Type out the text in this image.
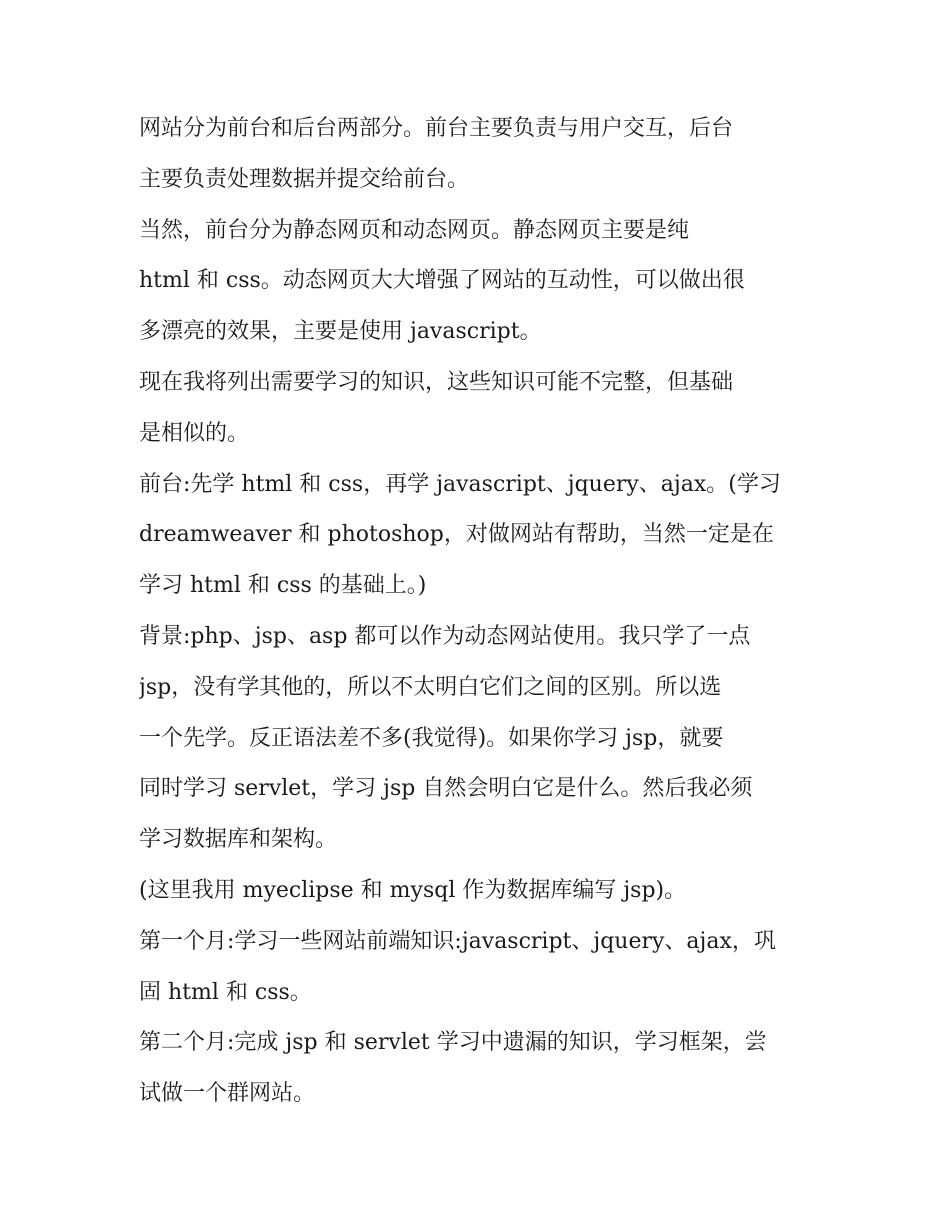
网站分为前台和后台两部分。前台主要负责与用户交互，后台
主要负责处理数据并提交给前台。
当然，前台分为静态网页和动态网页。静态网页主要是纯
html 和 css。动态网页大大增强了网站的互动性，可以做出很
多漂亮的效果，主要是使用 javascript。
现在我将列出需要学习的知识，这些知识可能不完整，但基础
是相似的。
前台:先学 html 和 css，再学 javascript、jquery、ajax。(学习
dreamweaver 和 photoshop，对做网站有帮助，当然一定是在
学习 html 和 css 的基础上。)
背景:php、jsp、asp 都可以作为动态网站使用。我只学了一点
jsp，没有学其他的，所以不太明白它们之间的区别。所以选
一个先学。反正语法差不多(我觉得)。如果你学习 jsp，就要
同时学习 servlet，学习 jsp 自然会明白它是什么。然后我必须
学习数据库和架构。
(这里我用 myeclipse 和 mysql 作为数据库编写 jsp)。
第一个月:学习一些网站前端知识:javascript、jquery、ajax，巩
固 html 和 css。
第二个月:完成 jsp 和 servlet 学习中遗漏的知识，学习框架，尝
试做一个群网站。
